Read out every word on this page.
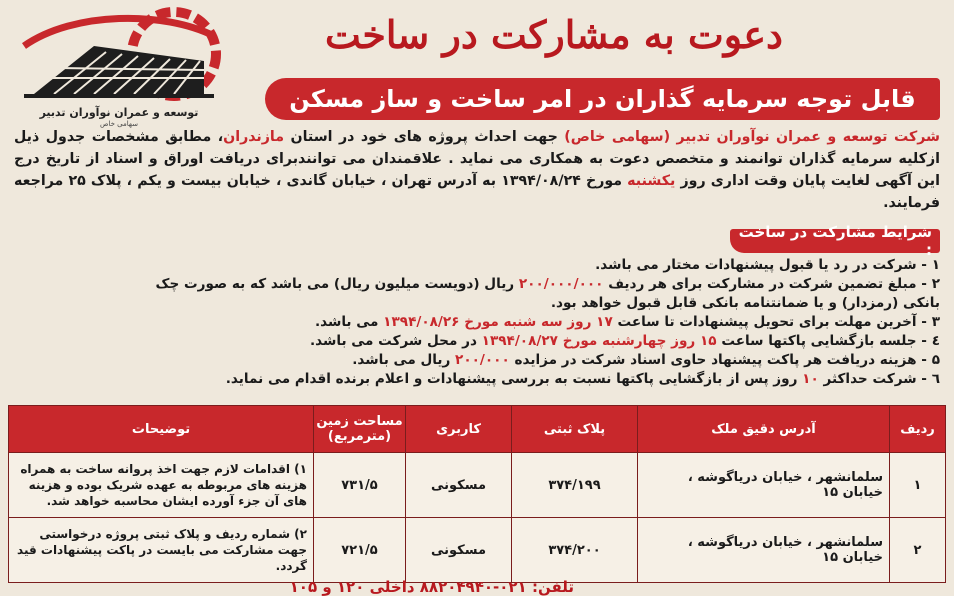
توسعه و عمران نوآوران تدبیر
سهامی خاص
دعوت به مشارکت در ساخت
قابل توجه سرمایه گذاران در امر ساخت و ساز مسکن
شرکت توسعه و عمران نوآوران تدبیر (سهامی خاص) جهت احداث پروژه های خود در استان مازندران، مطابق مشخصات جدول ذیل ازکلیه سرمایه گذاران توانمند و متخصص دعوت به همکاری می نماید . علاقمندان می توانندبرای دریافت اوراق و اسناد از تاریخ درج این آگهی لغایت پایان وقت اداری روز یکشنبه مورخ ۱۳۹۴/۰۸/۲۴ به آدرس تهران ، خیابان گاندی ، خیابان بیست و یکم ، پلاک ۲۵ مراجعه فرمایند.
شرایط مشارکت در ساخت :

۱ - شرکت در رد یا قبول پیشنهادات مختار می باشد.

۲ - مبلغ تضمین شرکت در مشارکت برای هر ردیف ۲۰۰/۰۰۰/۰۰۰ ریال (دویست میلیون ریال) می باشد که به صورت چک بانکی (رمزدار) و یا ضمانتنامه بانکی قابل قبول خواهد بود.

۳ - آخرین مهلت برای تحویل پیشنهادات تا ساعت ۱۷ روز سه شنبه مورخ ۱۳۹۴/۰۸/۲۶ می باشد.

٤ - جلسه بازگشایی پاکتها ساعت ۱۵ روز چهارشنبه مورخ ۱۳۹۴/۰۸/۲۷ در محل شرکت می باشد.

۵ - هزینه دریافت هر پاکت پیشنهاد حاوی اسناد شرکت در مزایده ۲۰۰/۰۰۰ ریال می باشد.

٦ - شرکت حداکثر ۱۰ روز پس از بازگشایی پاکتها نسبت به بررسی پیشنهادات و اعلام برنده اقدام می نماید.

ردیف	آدرس دقیق ملک	پلاک ثبتی	کاربری	مساحت زمین (مترمربع)	توضیحات
۱	سلمانشهر ، خیابان دریاگوشه ، خیابان ۱۵	۳۷۴/۱۹۹	مسکونی	۷۳۱/۵	۱) اقدامات لازم جهت اخذ پروانه ساخت به همراه هزینه های مربوطه به عهده شریک بوده و هزینه های آن جزء آورده ایشان محاسبه خواهد شد.
۲	سلمانشهر ، خیابان دریاگوشه ، خیابان ۱۵	۳۷۴/۲۰۰	مسکونی	۷۲۱/۵	۲) شماره ردیف و پلاک ثبتی پروژه درخواستی جهت مشارکت می بایست در پاکت پیشنهادات قید گردد.
تلفن: ۰۲۱-۸۸۲۰۴۹۴۰ داخلی ۱۲۰ و ۱۰۵
